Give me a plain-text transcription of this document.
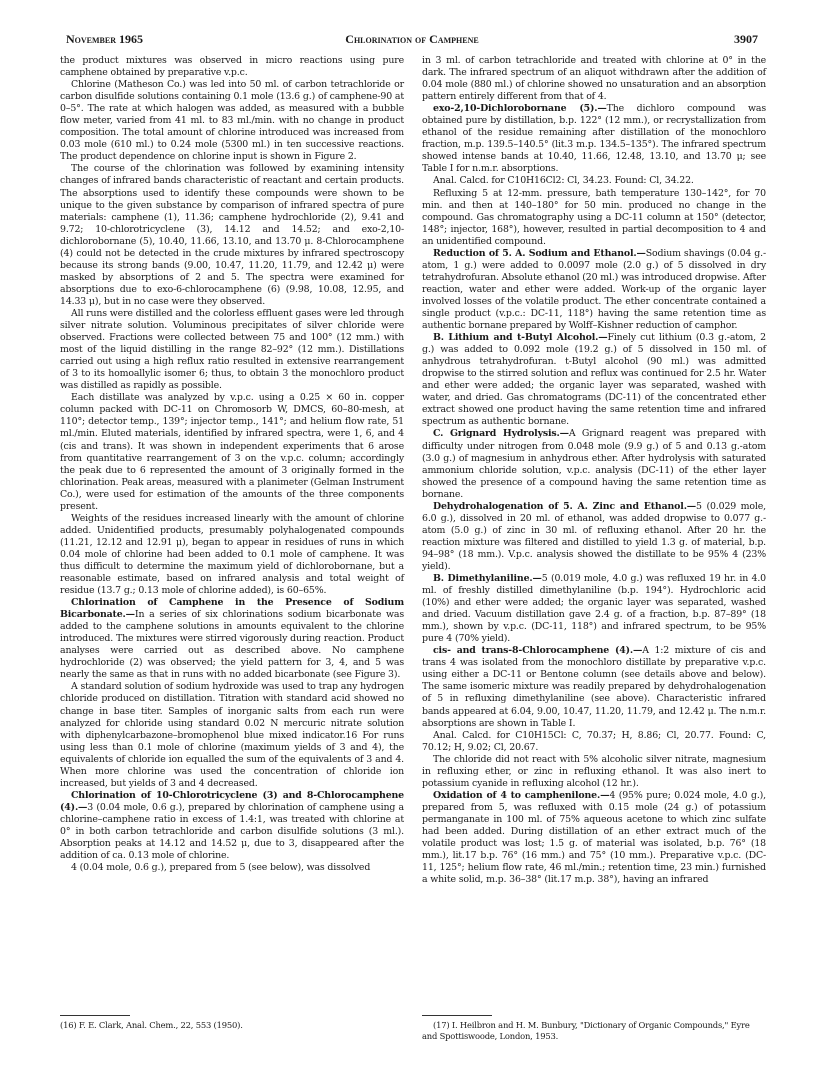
November 1965	Chlorination of Camphene	3907

the product mixtures was observed in micro reactions using pure camphene obtained by preparative v.p.c.

Chlorine (Matheson Co.) was led into 50 ml. of carbon tetrachloride or carbon disulfide solutions containing 0.1 mole (13.6 g.) of camphene-90 at 0–5°. The rate at which halogen was added, as measured with a bubble flow meter, varied from 41 ml. to 83 ml./min. with no change in product composition. The total amount of chlorine introduced was increased from 0.03 mole (610 ml.) to 0.24 mole (5300 ml.) in ten successive reactions. The product dependence on chlorine input is shown in Figure 2.

The course of the chlorination was followed by examining intensity changes of infrared bands characteristic of reactant and certain products. The absorptions used to identify these compounds were shown to be unique to the given substance by comparison of infrared spectra of pure materials: camphene (1), 11.36; camphene hydrochloride (2), 9.41 and 9.72; 10-chlorotricyclene (3), 14.12 and 14.52; and exo-2,10-dichlorobornane (5), 10.40, 11.66, 13.10, and 13.70 μ. 8-Chlorocamphene (4) could not be detected in the crude mixtures by infrared spectroscopy because its strong bands (9.00, 10.47, 11.20, 11.79, and 12.42 μ) were masked by absorptions of 2 and 5. The spectra were examined for absorptions due to exo-6-chlorocamphene (6) (9.98, 10.08, 12.95, and 14.33 μ), but in no case were they observed.

All runs were distilled and the colorless effluent gases were led through silver nitrate solution. Voluminous precipitates of silver chloride were observed. Fractions were collected between 75 and 100° (12 mm.) with most of the liquid distilling in the range 82–92° (12 mm.). Distillations carried out using a high reflux ratio resulted in extensive rearrangement of 3 to its homoallylic isomer 6; thus, to obtain 3 the monochloro product was distilled as rapidly as possible.

Each distillate was analyzed by v.p.c. using a 0.25 × 60 in. copper column packed with DC-11 on Chromosorb W, DMCS, 60–80-mesh, at 110°; detector temp., 139°; injector temp., 141°; and helium flow rate, 51 ml./min. Eluted materials, identified by infrared spectra, were 1, 6, and 4 (cis and trans). It was shown in independent experiments that 6 arose from quantitative rearrangement of 3 on the v.p.c. column; accordingly the peak due to 6 represented the amount of 3 originally formed in the chlorination. Peak areas, measured with a planimeter (Gelman Instrument Co.), were used for estimation of the amounts of the three components present.

Weights of the residues increased linearly with the amount of chlorine added. Unidentified products, presumably polyhalogenated compounds (11.21, 12.12 and 12.91 μ), began to appear in residues of runs in which 0.04 mole of chlorine had been added to 0.1 mole of camphene. It was thus difficult to determine the maximum yield of dichlorobornane, but a reasonable estimate, based on infrared analysis and total weight of residue (13.7 g.; 0.13 mole of chlorine added), is 60–65%.

Chlorination of Camphene in the Presence of Sodium Bicarbonate.—In a series of six chlorinations sodium bicarbonate was added to the camphene solutions in amounts equivalent to the chlorine introduced. The mixtures were stirred vigorously during reaction. Product analyses were carried out as described above. No camphene hydrochloride (2) was observed; the yield pattern for 3, 4, and 5 was nearly the same as that in runs with no added bicarbonate (see Figure 3).

A standard solution of sodium hydroxide was used to trap any hydrogen chloride produced on distillation. Titration with standard acid showed no change in base titer. Samples of inorganic salts from each run were analyzed for chloride using standard 0.02 N mercuric nitrate solution with diphenylcarbazone–bromophenol blue mixed indicator.16 For runs using less than 0.1 mole of chlorine (maximum yields of 3 and 4), the equivalents of chloride ion equalled the sum of the equivalents of 3 and 4. When more chlorine was used the concentration of chloride ion increased, but yields of 3 and 4 decreased.

Chlorination of 10-Chlorotricyclene (3) and 8-Chlorocamphene (4).—3 (0.04 mole, 0.6 g.), prepared by chlorination of camphene using a chlorine–camphene ratio in excess of 1.4:1, was treated with chlorine at 0° in both carbon tetrachloride and carbon disulfide solutions (3 ml.). Absorption peaks at 14.12 and 14.52 μ, due to 3, disappeared after the addition of ca. 0.13 mole of chlorine.

4 (0.04 mole, 0.6 g.), prepared from 5 (see below), was dissolved

in 3 ml. of carbon tetrachloride and treated with chlorine at 0° in the dark. The infrared spectrum of an aliquot withdrawn after the addition of 0.04 mole (880 ml.) of chlorine showed no unsaturation and an absorption pattern entirely different from that of 4.

exo-2,10-Dichlorobornane (5).—The dichloro compound was obtained pure by distillation, b.p. 122° (12 mm.), or recrystallization from ethanol of the residue remaining after distillation of the monochloro fraction, m.p. 139.5–140.5° (lit.3 m.p. 134.5–135°). The infrared spectrum showed intense bands at 10.40, 11.66, 12.48, 13.10, and 13.70 μ; see Table I for n.m.r. absorptions.

Anal. Calcd. for C10H16Cl2: Cl, 34.23. Found: Cl, 34.22.

Refluxing 5 at 12-mm. pressure, bath temperature 130–142°, for 70 min. and then at 140–180° for 50 min. produced no change in the compound. Gas chromatography using a DC-11 column at 150° (detector, 148°; injector, 168°), however, resulted in partial decomposition to 4 and an unidentified compound.

Reduction of 5. A. Sodium and Ethanol.—Sodium shavings (0.04 g.-atom, 1 g.) were added to 0.0097 mole (2.0 g.) of 5 dissolved in dry tetrahydrofuran. Absolute ethanol (20 ml.) was introduced dropwise. After reaction, water and ether were added. Work-up of the organic layer involved losses of the volatile product. The ether concentrate contained a single product (v.p.c.: DC-11, 118°) having the same retention time as authentic bornane prepared by Wolff–Kishner reduction of camphor.

B. Lithium and t-Butyl Alcohol.—Finely cut lithium (0.3 g.-atom, 2 g.) was added to 0.092 mole (19.2 g.) of 5 dissolved in 150 ml. of anhydrous tetrahydrofuran. t-Butyl alcohol (90 ml.) was admitted dropwise to the stirred solution and reflux was continued for 2.5 hr. Water and ether were added; the organic layer was separated, washed with water, and dried. Gas chromatograms (DC-11) of the concentrated ether extract showed one product having the same retention time and infrared spectrum as authentic bornane.

C. Grignard Hydrolysis.—A Grignard reagent was prepared with difficulty under nitrogen from 0.048 mole (9.9 g.) of 5 and 0.13 g.-atom (3.0 g.) of magnesium in anhydrous ether. After hydrolysis with saturated ammonium chloride solution, v.p.c. analysis (DC-11) of the ether layer showed the presence of a compound having the same retention time as bornane.

Dehydrohalogenation of 5. A. Zinc and Ethanol.—5 (0.029 mole, 6.0 g.), dissolved in 20 ml. of ethanol, was added dropwise to 0.077 g.-atom (5.0 g.) of zinc in 30 ml. of refluxing ethanol. After 20 hr. the reaction mixture was filtered and distilled to yield 1.3 g. of material, b.p. 94–98° (18 mm.). V.p.c. analysis showed the distillate to be 95% 4 (23% yield).

B. Dimethylaniline.—5 (0.019 mole, 4.0 g.) was refluxed 19 hr. in 4.0 ml. of freshly distilled dimethylaniline (b.p. 194°). Hydrochloric acid (10%) and ether were added; the organic layer was separated, washed and dried. Vacuum distillation gave 2.4 g. of a fraction, b.p. 87–89° (18 mm.), shown by v.p.c. (DC-11, 118°) and infrared spectrum, to be 95% pure 4 (70% yield).

cis- and trans-8-Chlorocamphene (4).—A 1:2 mixture of cis and trans 4 was isolated from the monochloro distillate by preparative v.p.c. using either a DC-11 or Bentone column (see details above and below). The same isomeric mixture was readily prepared by dehydrohalogenation of 5 in refluxing dimethylaniline (see above). Characteristic infrared bands appeared at 6.04, 9.00, 10.47, 11.20, 11.79, and 12.42 μ. The n.m.r. absorptions are shown in Table I.

Anal. Calcd. for C10H15Cl: C, 70.37; H, 8.86; Cl, 20.77. Found: C, 70.12; H, 9.02; Cl, 20.67.

The chloride did not react with 5% alcoholic silver nitrate, magnesium in refluxing ether, or zinc in refluxing ethanol. It was also inert to potassium cyanide in refluxing alcohol (12 hr.).

Oxidation of 4 to camphenilone.—4 (95% pure; 0.024 mole, 4.0 g.), prepared from 5, was refluxed with 0.15 mole (24 g.) of potassium permanganate in 100 ml. of 75% aqueous acetone to which zinc sulfate had been added. During distillation of an ether extract much of the volatile product was lost; 1.5 g. of material was isolated, b.p. 76° (18 mm.), lit.17 b.p. 76° (16 mm.) and 75° (10 mm.). Preparative v.p.c. (DC-11, 125°; helium flow rate, 46 ml./min.; retention time, 23 min.) furnished a white solid, m.p. 36–38° (lit.17 m.p. 38°), having an infrared

(16) F. E. Clark, Anal. Chem., 22, 553 (1950).	(17) I. Heilbron and H. M. Bunbury, "Dictionary of Organic Compounds," Eyre and Spottiswoode, London, 1953.
